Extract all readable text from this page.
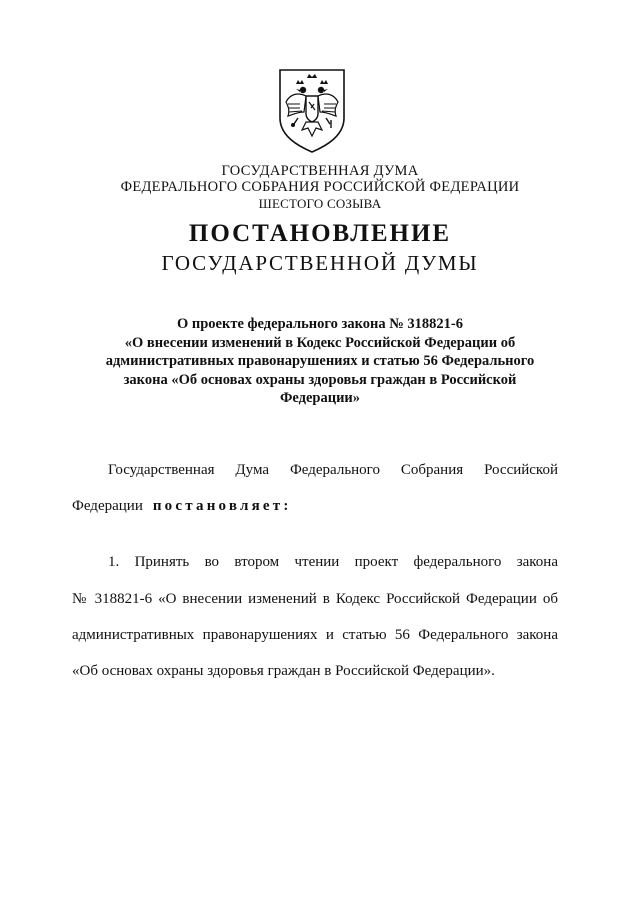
ГОСУДАРСТВЕННАЯ ДУМА
ФЕДЕРАЛЬНОГО СОБРАНИЯ РОССИЙСКОЙ ФЕДЕРАЦИИ
ШЕСТОГО СОЗЫВА
ПОСТАНОВЛЕНИЕ
ГОСУДАРСТВЕННОЙ ДУМЫ
О проекте федерального закона № 318821-6
«О внесении изменений в Кодекс Российской Федерации об
административных правонарушениях и статью 56 Федерального
закона «Об основах охраны здоровья граждан в Российской
Федерации»
Государственная Дума Федерального Собрания Российской
Федерации постановляет:
1. Принять во втором чтении проект федерального закона
№ 318821-6 «О внесении изменений в Кодекс Российской Федерации об
административных правонарушениях и статью 56 Федерального закона
«Об основах охраны здоровья граждан в Российской Федерации».
